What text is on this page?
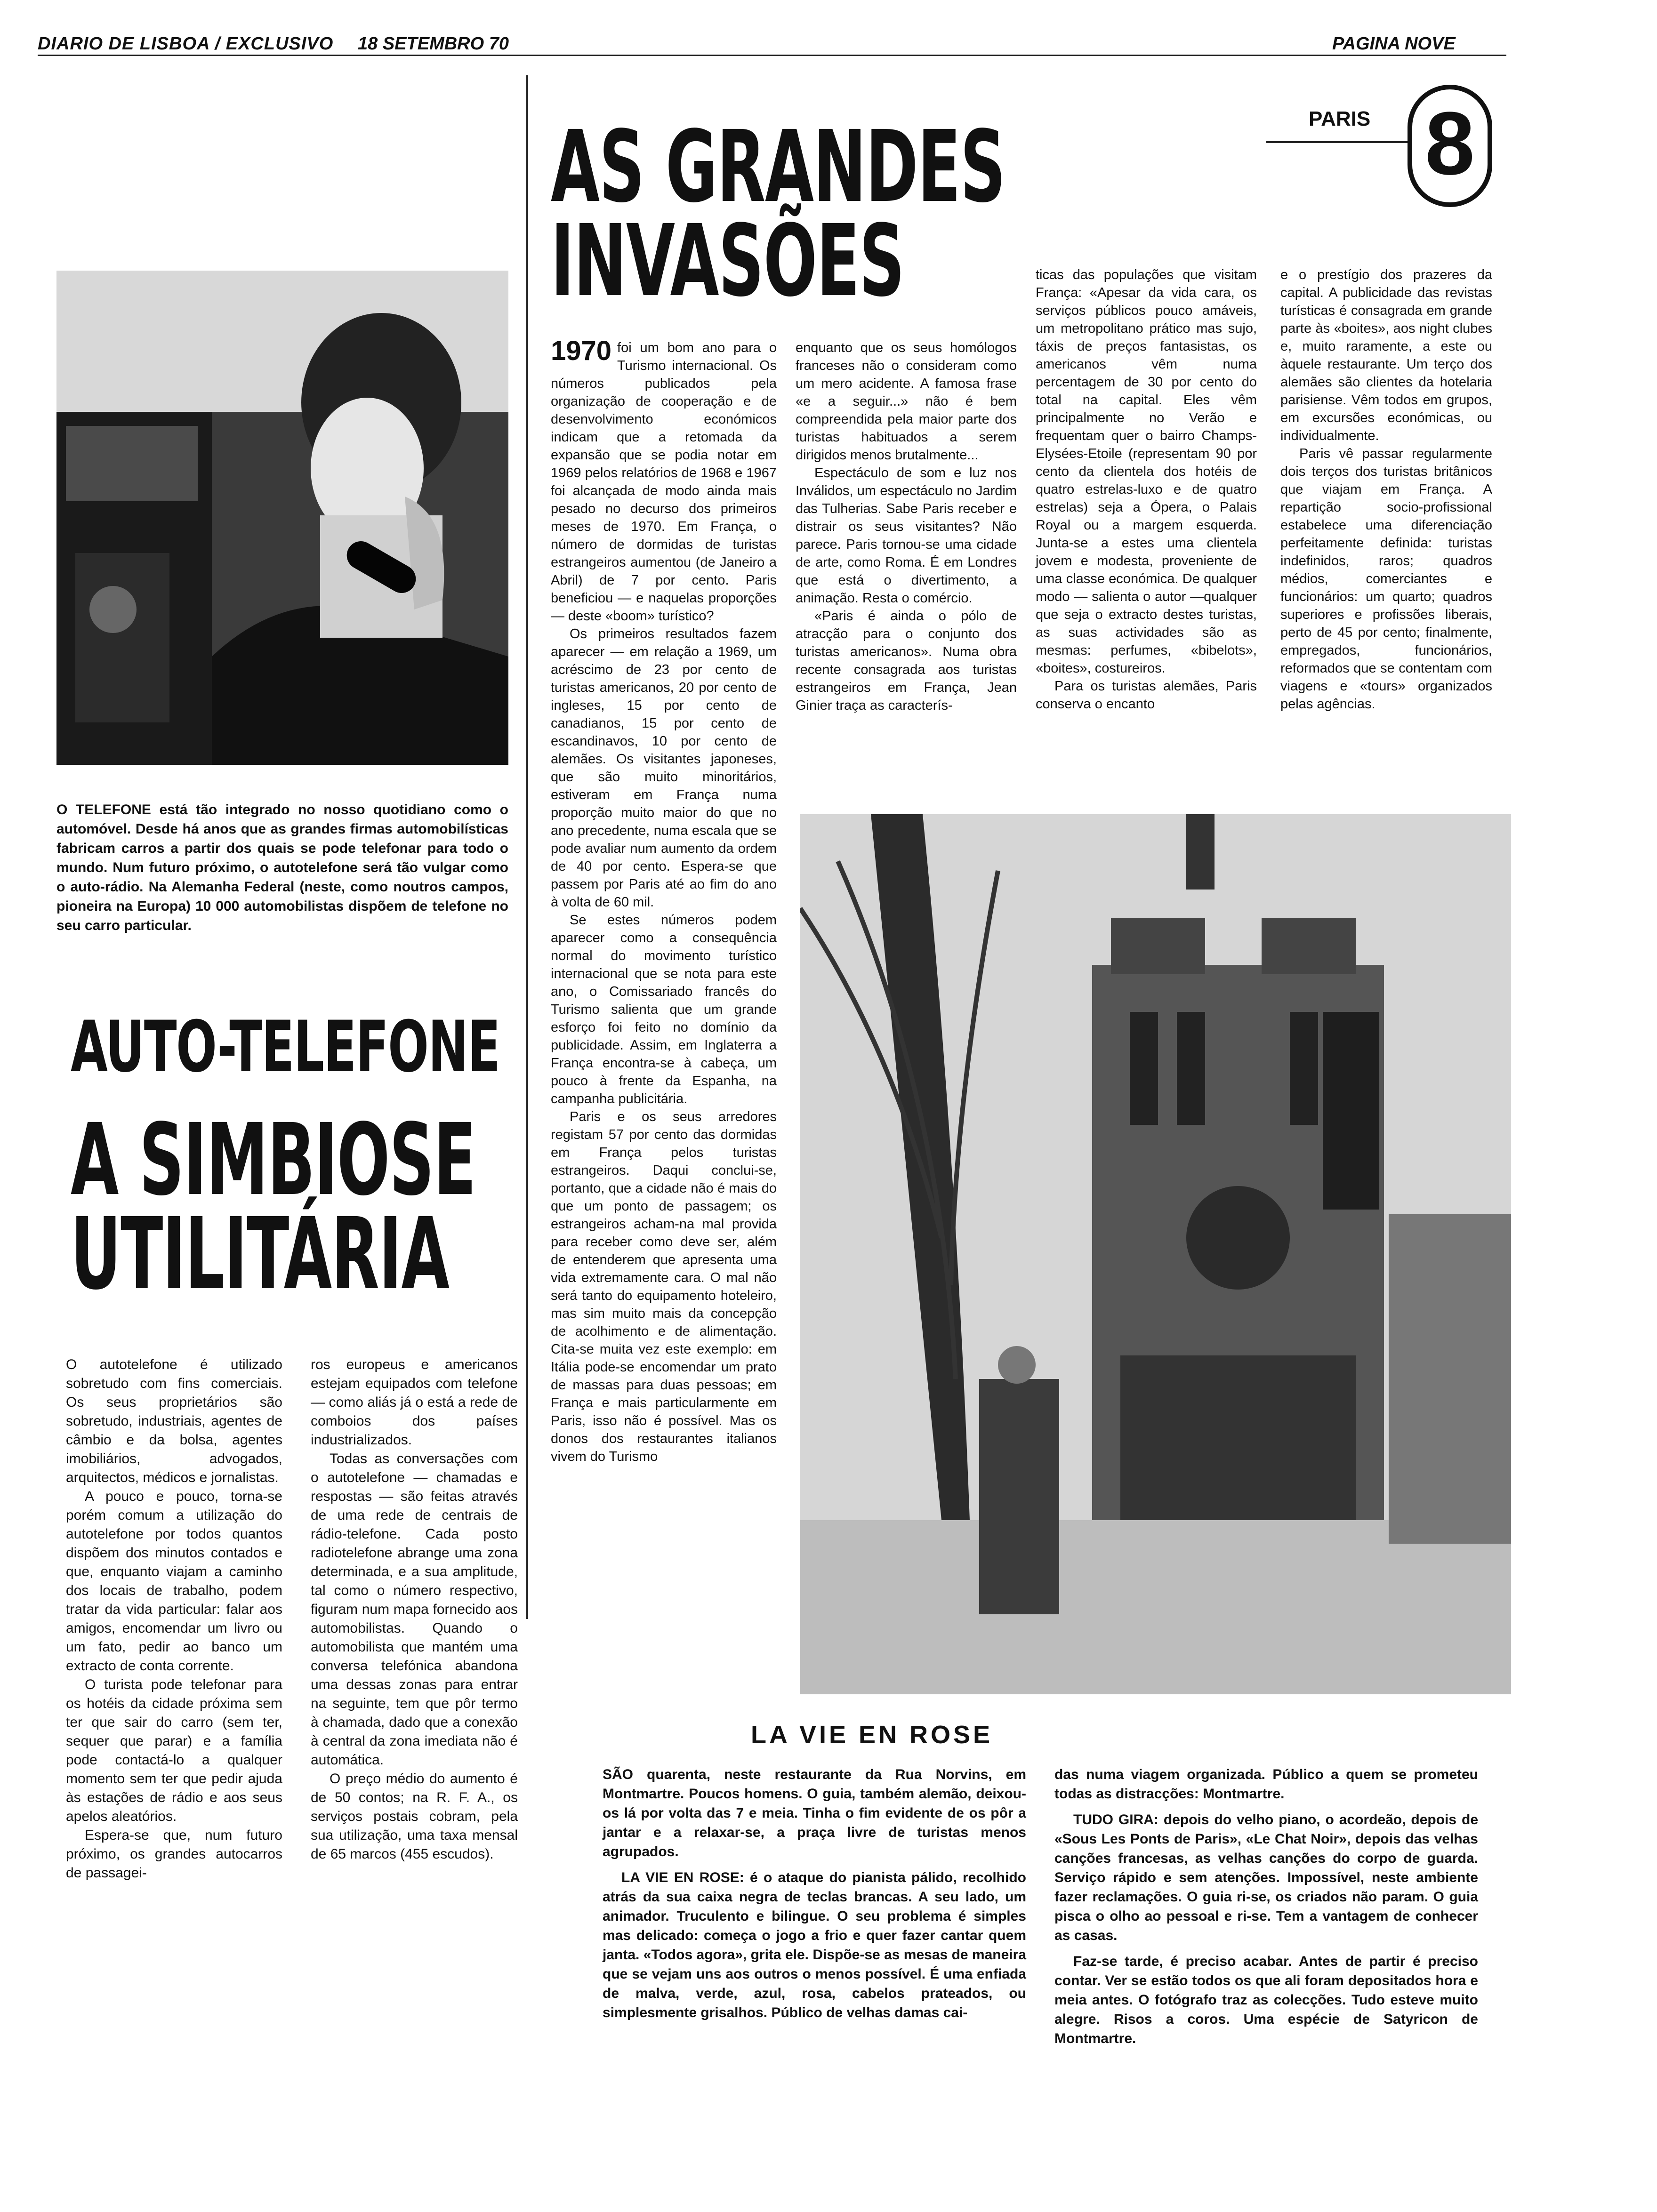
DIARIO DE LISBOA / EXCLUSIVO 18 SETEMBRO 70	PAGINA NOVE
PARIS 8
O TELEFONE está tão integrado no nosso quotidiano como o automóvel. Desde há anos que as grandes firmas automobilísticas fabricam carros a partir dos quais se pode telefonar para todo o mundo. Num futuro próximo, o autotelefone será tão vulgar como o auto-rádio. Na Alemanha Federal (neste, como noutros campos, pioneira na Europa) 10 000 automobilistas dispõem de telefone no seu carro particular.
AUTO-TELEFONE
A SIMBIOSE
UTILITÁRIA

O autotelefone é utilizado sobretudo com fins comerciais. Os seus proprietários são sobretudo, industriais, agentes de câmbio e da bolsa, agentes imobiliários, advogados, arquitectos, médicos e jornalistas.

A pouco e pouco, torna-se porém comum a utilização do autotelefone por todos quantos dispõem dos minutos contados e que, enquanto viajam a caminho dos locais de trabalho, podem tratar da vida particular: falar aos amigos, encomendar um livro ou um fato, pedir ao banco um extracto de conta corrente.

O turista pode telefonar para os hotéis da cidade próxima sem ter que sair do carro (sem ter, sequer que parar) e a família pode contactá-lo a qualquer momento sem ter que pedir ajuda às estações de rádio e aos seus apelos aleatórios.

Espera-se que, num futuro próximo, os grandes autocarros de passagei-

ros europeus e americanos estejam equipados com telefone — como aliás já o está a rede de comboios dos países industrializados.

Todas as conversações com o autotelefone — chamadas e respostas — são feitas através de uma rede de centrais de rádio-telefone. Cada posto radiotelefone abrange uma zona determinada, e a sua amplitude, tal como o número respectivo, figuram num mapa fornecido aos automobilistas. Quando o automobilista que mantém uma conversa telefónica abandona uma dessas zonas para entrar na seguinte, tem que pôr termo à chamada, dado que a conexão à central da zona imediata não é automática.

O preço médio do aumento é de 50 contos; na R. F. A., os serviços postais cobram, pela sua utilização, uma taxa mensal de 65 marcos (455 escudos).

AS GRANDES
INVASÕES

1970 foi um bom ano para o Turismo internacional. Os números publicados pela organização de cooperação e de desenvolvimento económicos indicam que a retomada da expansão que se podia notar em 1969 pelos relatórios de 1968 e 1967 foi alcançada de modo ainda mais pesado no decurso dos primeiros meses de 1970. Em França, o número de dormidas de turistas estrangeiros aumentou (de Janeiro a Abril) de 7 por cento. Paris beneficiou — e naquelas proporções — deste «boom» turístico?

Os primeiros resultados fazem aparecer — em relação a 1969, um acréscimo de 23 por cento de turistas americanos, 20 por cento de ingleses, 15 por cento de canadianos, 15 por cento de escandinavos, 10 por cento de alemães. Os visitantes japoneses, que são muito minoritários, estiveram em França numa proporção muito maior do que no ano precedente, numa escala que se pode avaliar num aumento da ordem de 40 por cento. Espera-se que passem por Paris até ao fim do ano à volta de 60 mil.

Se estes números podem aparecer como a consequência normal do movimento turístico internacional que se nota para este ano, o Comissariado francês do Turismo salienta que um grande esforço foi feito no domínio da publicidade. Assim, em Inglaterra a França encontra-se à cabeça, um pouco à frente da Espanha, na campanha publicitária.

Paris e os seus arredores registam 57 por cento das dormidas em França pelos turistas estrangeiros. Daqui conclui-se, portanto, que a cidade não é mais do que um ponto de passagem; os estrangeiros acham-na mal provida para receber como deve ser, além de entenderem que apresenta uma vida extremamente cara. O mal não será tanto do equipamento hoteleiro, mas sim muito mais da concepção de acolhimento e de alimentação. Cita-se muita vez este exemplo: em Itália pode-se encomendar um prato de massas para duas pessoas; em França e mais particularmente em Paris, isso não é possível. Mas os donos dos restaurantes italianos vivem do Turismo

enquanto que os seus homólogos franceses não o consideram como um mero acidente. A famosa frase «e a seguir...» não é bem compreendida pela maior parte dos turistas habituados a serem dirigidos menos brutalmente...

Espectáculo de som e luz nos Inválidos, um espectáculo no Jardim das Tulherias. Sabe Paris receber e distrair os seus visitantes? Não parece. Paris tornou-se uma cidade de arte, como Roma. É em Londres que está o divertimento, a animação. Resta o comércio.

«Paris é ainda o pólo de atracção para o conjunto dos turistas americanos». Numa obra recente consagrada aos turistas estrangeiros em França, Jean Ginier traça as caracterís-

ticas das populações que visitam França: «Apesar da vida cara, os serviços públicos pouco amáveis, um metropolitano prático mas sujo, táxis de preços fantasistas, os americanos vêm numa percentagem de 30 por cento do total na capital. Eles vêm principalmente no Verão e frequentam quer o bairro Champs-Elysées-Etoile (representam 90 por cento da clientela dos hotéis de quatro estrelas-luxo e de quatro estrelas) seja a Ópera, o Palais Royal ou a margem esquerda. Junta-se a estes uma clientela jovem e modesta, proveniente de uma classe económica. De qualquer modo — salienta o autor —qualquer que seja o extracto destes turistas, as suas actividades são as mesmas: perfumes, «bibelots», «boites», costureiros.

Para os turistas alemães, Paris conserva o encanto

e o prestígio dos prazeres da capital. A publicidade das revistas turísticas é consagrada em grande parte às «boites», aos night clubes e, muito raramente, a este ou àquele restaurante. Um terço dos alemães são clientes da hotelaria parisiense. Vêm todos em grupos, em excursões económicas, ou individualmente.

Paris vê passar regularmente dois terços dos turistas britânicos que viajam em França. A repartição socio-profissional estabelece uma diferenciação perfeitamente definida: turistas indefinidos, raros; quadros médios, comerciantes e funcionários: um quarto; quadros superiores e profissões liberais, perto de 45 por cento; finalmente, empregados, funcionários, reformados que se contentam com viagens e «tours» organizados pelas agências.

LA VIE EN ROSE

SÃO quarenta, neste restaurante da Rua Norvins, em Montmartre. Poucos homens. O guia, também alemão, deixou-os lá por volta das 7 e meia. Tinha o fim evidente de os pôr a jantar e a relaxar-se, a praça livre de turistas menos agrupados.

LA VIE EN ROSE: é o ataque do pianista pálido, recolhido atrás da sua caixa negra de teclas brancas. A seu lado, um animador. Truculento e bilingue. O seu problema é simples mas delicado: começa o jogo a frio e quer fazer cantar quem janta. «Todos agora», grita ele. Dispõe-se as mesas de maneira que se vejam uns aos outros o menos possível. É uma enfiada de malva, verde, azul, rosa, cabelos prateados, ou simplesmente grisalhos. Público de velhas damas cai-

das numa viagem organizada. Público a quem se prometeu todas as distracções: Montmartre.

TUDO GIRA: depois do velho piano, o acordeão, depois de «Sous Les Ponts de Paris», «Le Chat Noir», depois das velhas canções francesas, as velhas canções do corpo de guarda. Serviço rápido e sem atenções. Impossível, neste ambiente fazer reclamações. O guia ri-se, os criados não param. O guia pisca o olho ao pessoal e ri-se. Tem a vantagem de conhecer as casas.

Faz-se tarde, é preciso acabar. Antes de partir é preciso contar. Ver se estão todos os que ali foram depositados hora e meia antes. O fotógrafo traz as colecções. Tudo esteve muito alegre. Risos a coros. Uma espécie de Satyricon de Montmartre.
